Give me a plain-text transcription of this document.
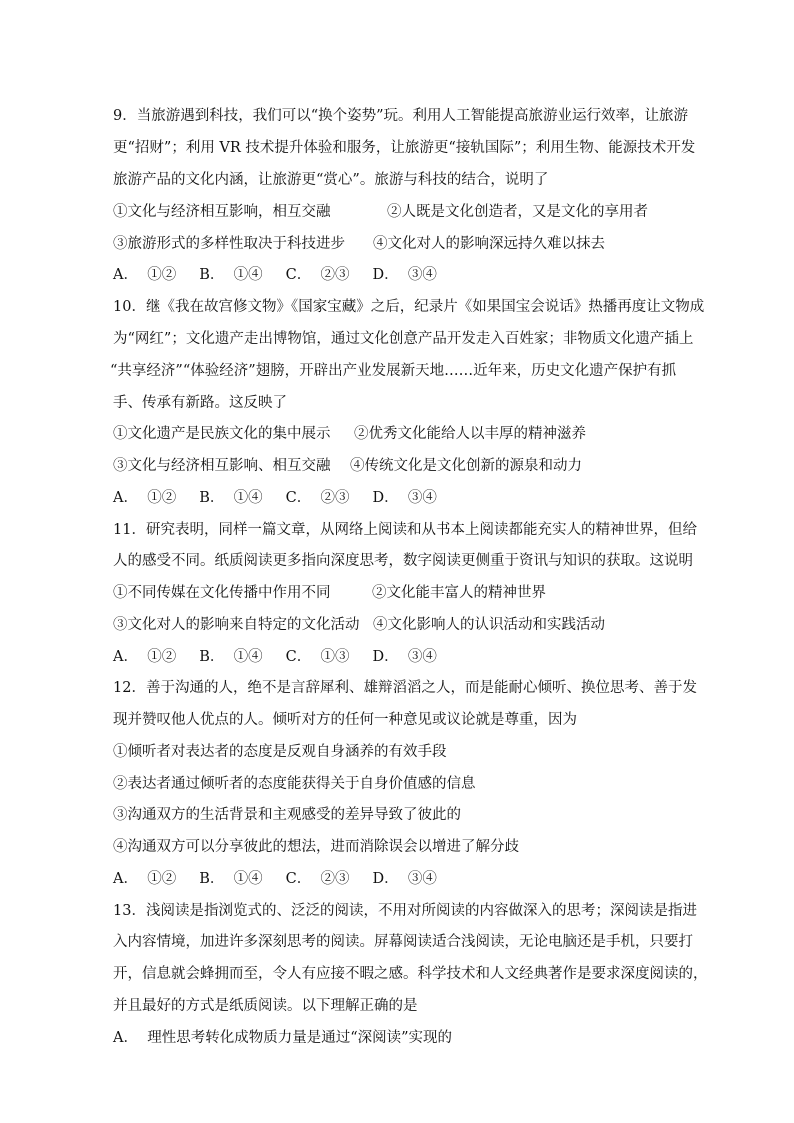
9．当旅游遇到科技，我们可以“换个姿势”玩。利用人工智能提高旅游业运行效率，让旅游
更“招财”；利用 VR 技术提升体验和服务，让旅游更“接轨国际”；利用生物、能源技术开发
旅游产品的文化内涵，让旅游更“赏心”。旅游与科技的结合，说明了
①文化与经济相互影响，相互交融	②人既是文化创造者，又是文化的享用者
③旅游形式的多样性取决于科技进步 ④文化对人的影响深远持久难以抹去
A．  ①②     B．  ①④     C．  ②③     D．  ③④
10．继《我在故宫修文物》《国家宝藏》之后，纪录片《如果国宝会说话》热播再度让文物成
为“网红”；文化遗产走出博物馆，通过文化创意产品开发走入百姓家；非物质文化遗产插上
“共享经济”“体验经济”翅膀，开辟出产业发展新天地……近年来，历史文化遗产保护有抓
手、传承有新路。这反映了
①文化遗产是民族文化的集中展示 ②优秀文化能给人以丰厚的精神滋养
③文化与经济相互影响、相互交融 ④传统文化是文化创新的源泉和动力
A．  ①②     B．  ①④     C．  ②③     D．  ③④
11．研究表明，同样一篇文章，从网络上阅读和从书本上阅读都能充实人的精神世界，但给
人的感受不同。纸质阅读更多指向深度思考，数字阅读更侧重于资讯与知识的获取。这说明
①不同传媒在文化传播中作用不同	②文化能丰富人的精神世界
③文化对人的影响来自特定的文化活动 ④文化影响人的认识活动和实践活动
A．  ①②     B．  ①④     C．  ①③     D．  ③④
12．善于沟通的人，绝不是言辞犀利、雄辩滔滔之人，而是能耐心倾听、换位思考、善于发
现并赞叹他人优点的人。倾听对方的任何一种意见或议论就是尊重，因为
①倾听者对表达者的态度是反观自身涵养的有效手段
②表达者通过倾听者的态度能获得关于自身价值感的信息
③沟通双方的生活背景和主观感受的差异导致了彼此的
④沟通双方可以分享彼此的想法，进而消除误会以增进了解分歧
A．  ①②     B．  ①④     C．  ②③     D．  ③④
13．浅阅读是指浏览式的、泛泛的阅读，不用对所阅读的内容做深入的思考；深阅读是指进
入内容情境，加进许多深刻思考的阅读。屏幕阅读适合浅阅读，无论电脑还是手机，只要打
开，信息就会蜂拥而至，令人有应接不暇之感。科学技术和人文经典著作是要求深度阅读的，
并且最好的方式是纸质阅读。以下理解正确的是
A．  理性思考转化成物质力量是通过“深阅读”实现的
